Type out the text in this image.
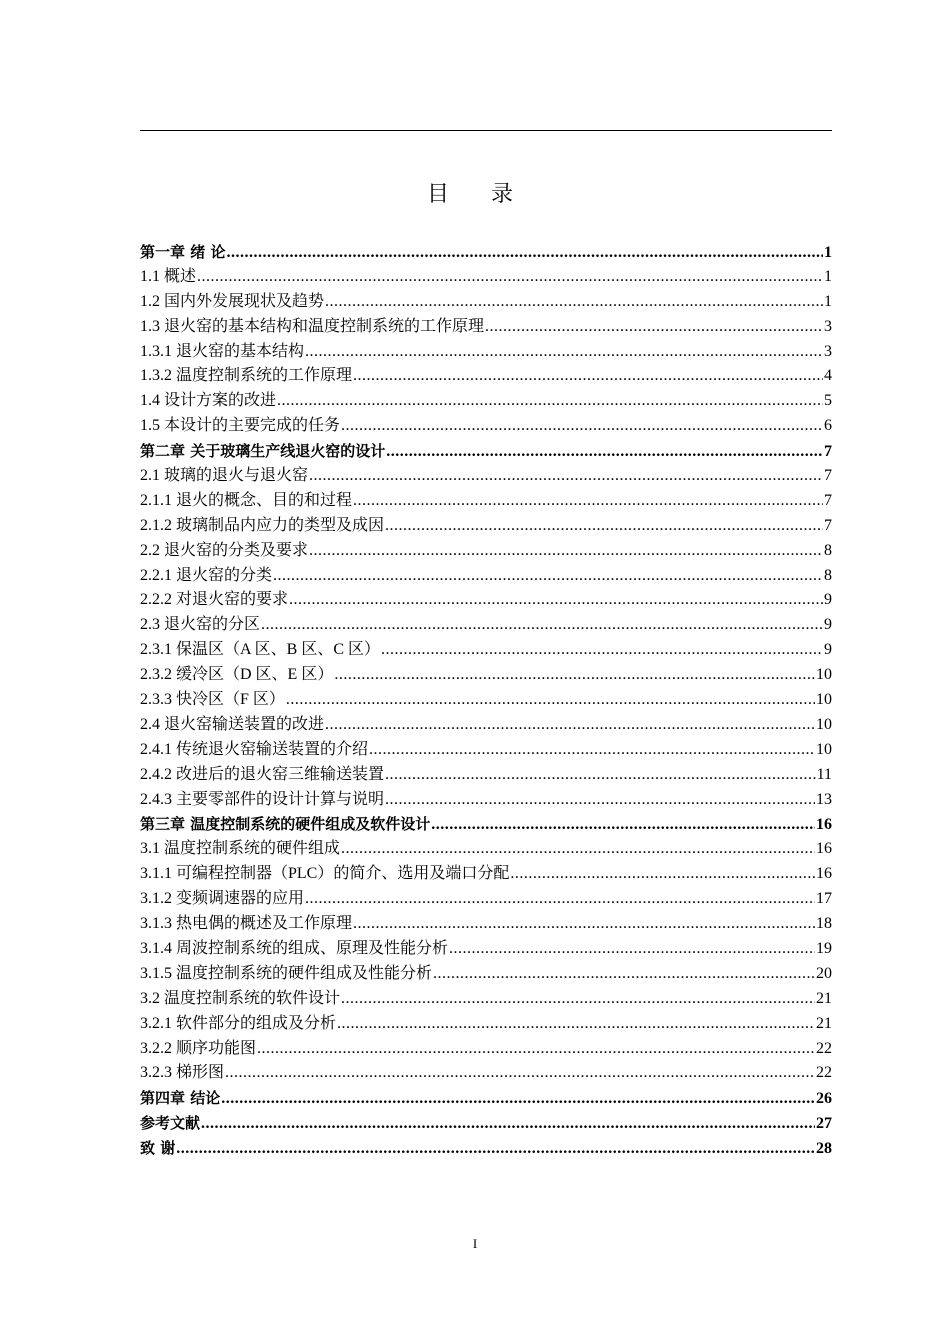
目　录
第一章 绪 论 .....	1
1.1 概述 .....	1
1.2 国内外发展现状及趋势 .....	1
1.3 退火窑的基本结构和温度控制系统的工作原理 .....	3
1.3.1 退火窑的基本结构 .....	3
1.3.2 温度控制系统的工作原理 .....	4
1.4 设计方案的改进 .....	5
1.5 本设计的主要完成的任务 .....	6
第二章 关于玻璃生产线退火窑的设计 .....	7
2.1 玻璃的退火与退火窑 .....	7
2.1.1 退火的概念、目的和过程 .....	7
2.1.2 玻璃制品内应力的类型及成因 .....	7
2.2 退火窑的分类及要求 .....	8
2.2.1 退火窑的分类 .....	8
2.2.2 对退火窑的要求 .....	9
2.3 退火窑的分区 .....	9
2.3.1 保温区（A 区、B 区、C 区） .....	9
2.3.2 缓冷区（D 区、E 区） .....	10
2.3.3 快冷区（F 区） .....	10
2.4 退火窑输送装置的改进 .....	10
2.4.1 传统退火窑输送装置的介绍 .....	10
2.4.2 改进后的退火窑三维输送装置 .....	11
2.4.3 主要零部件的设计计算与说明 .....	13
第三章 温度控制系统的硬件组成及软件设计 .....	16
3.1 温度控制系统的硬件组成 .....	16
3.1.1 可编程控制器（PLC）的简介、选用及端口分配 .....	16
3.1.2 变频调速器的应用 .....	17
3.1.3 热电偶的概述及工作原理 .....	18
3.1.4 周波控制系统的组成、原理及性能分析 .....	19
3.1.5 温度控制系统的硬件组成及性能分析 .....	20
3.2 温度控制系统的软件设计 .....	21
3.2.1 软件部分的组成及分析 .....	21
3.2.2 顺序功能图 .....	22
3.2.3 梯形图 .....	22
第四章 结论 .....	26
参考文献 .....	27
致 谢 .....	28
I
